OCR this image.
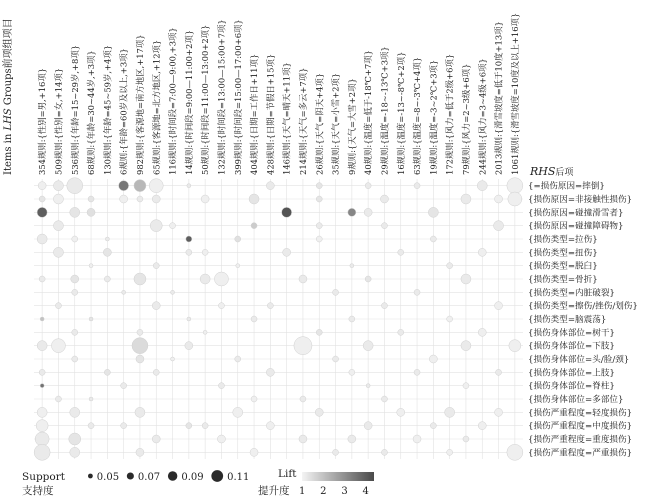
354规则:{性别=男,+16项} 509规则:{性别=女,+14项} 536规则:{年龄=15~29岁,+8项} 68规则:{年龄=30~44岁,+3项} 130规则:{年龄=45~59岁,+4项} 6规则:{年龄=60岁及以上,+3项} 982规则:{客源地=南方地区,+17项} 65规则:{客源地=北方地区,+12项} 116规则:{时间段=7:00—9:00,+3项} 14规则:{时间段=9:00—11:00+2项} 50规则:{时间段=11:00—13:00+2项} 132规则:{时间段=13:00—15:00+7项} 399规则:{时间段=15:00—17:00+6项} 404规则:{日期=工作日+11项} 428规则:{日期=节假日+15项} 146规则:{天气=晴天+11项} 214规则:{天气=多云+7项} 26规则:{天气=阴天+4项} 35规则:{天气=小雪+2项} 9规则:{天气=大雪+2项} 40规则:{温度=低于-18℃+7项} 29规则:{温度=-18~-13℃+3项} 16规则:{温度=-13~-8℃+2项} 63规则:{温度=-8~-3℃+4项} 19规则:{温度=-3~2℃+3项} 172规则:{风力=低于2级+6项} 79规则:{风力=2~3级+6项} 244规则:{风力=3~4级+6项} 2013规则:{滑雪坡度=低于10度+13项} 1061规则:{滑雪坡度=10度及以上+16项}
{=损伤原因=摔倒}
{损伤原因=非接触性损伤}
{损伤原因=碰撞滑雪者}
{损伤原因=碰撞障碍物}
{损伤类型=拉伤}
{损伤类型=扭伤}
{损伤类型=脱臼}
{损伤类型=骨折}
{损伤类型=内脏破裂}
{损伤类型=擦伤/挫伤/划伤}
{损伤类型=脑震荡}
{损伤身体部位=树干}
{损伤身体部位=下肢}
{损伤身体部位=头/脸/颈}
{损伤身体部位=上肢}
{损伤身体部位=脊柱}
{损伤身体部位=多部位}
{损伤严重程度=轻度损伤}
{损伤严重程度=中度损伤}
{损伤严重程度=重度损伤}
{损伤严重程度=严重损伤}
Items in LHS Groups前项组项目
RHS后项
Support
支持度
0.05 0.07 0.09 0.11	Lift
提升度 1 2 3 4
